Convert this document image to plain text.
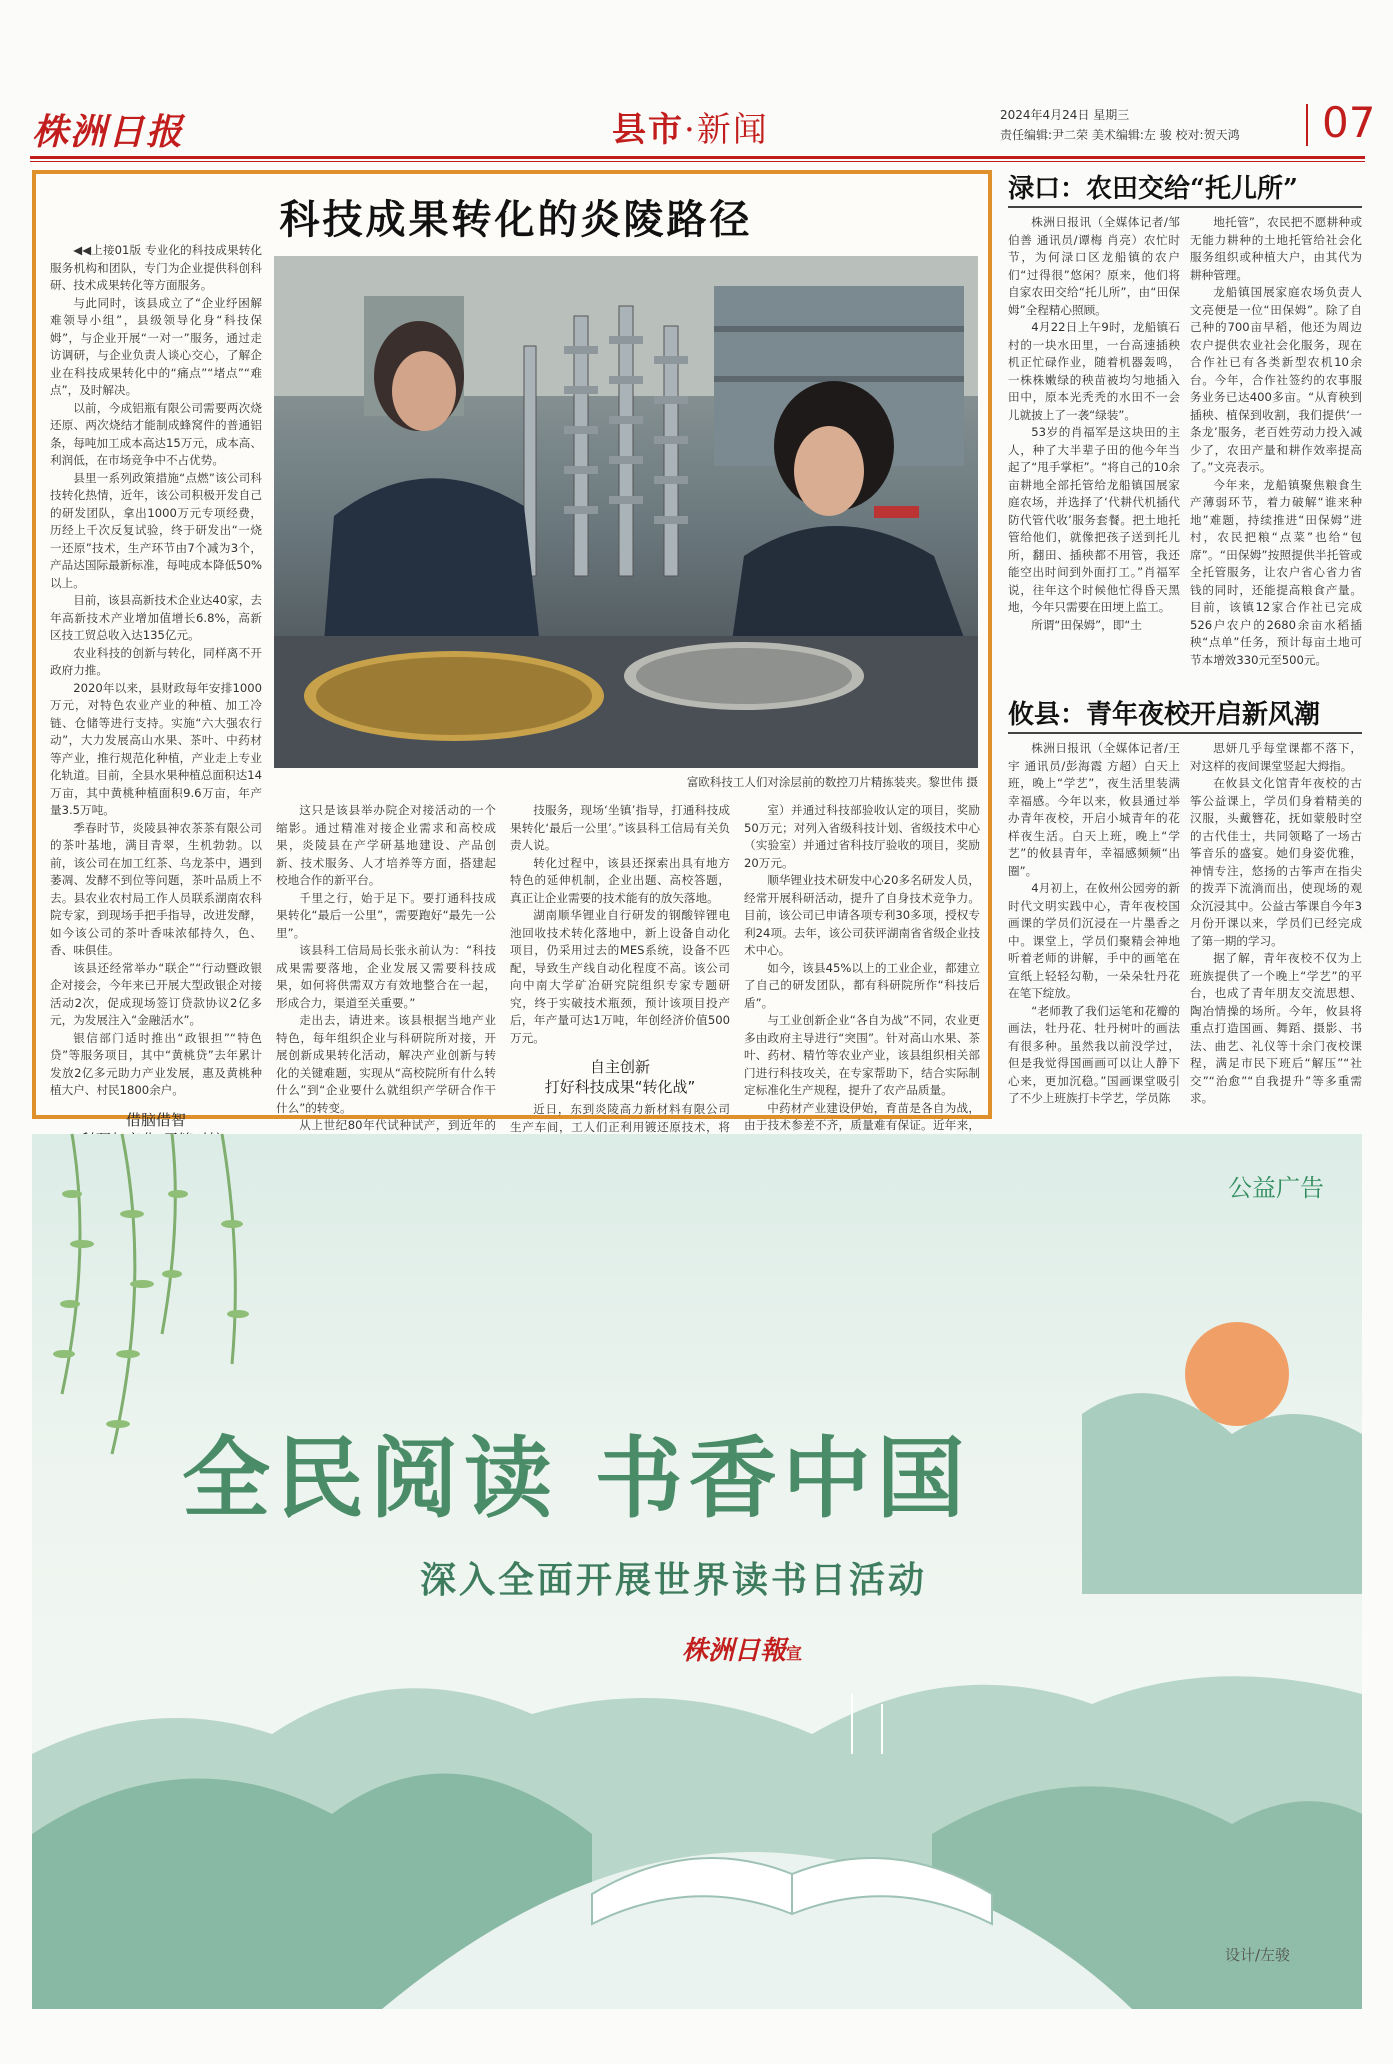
株洲日报	县市·新闻	2024年4月24日 星期三
责任编辑:尹二荣 美术编辑:左 骏 校对:贺天鸿 07
科技成果转化的炎陵路径

◀◀上接01版 专业化的科技成果转化服务机构和团队，专门为企业提供科创科研、技术成果转化等方面服务。

与此同时，该县成立了“企业纾困解难领导小组”，县级领导化身“科技保姆”，与企业开展“一对一”服务，通过走访调研，与企业负责人谈心交心，了解企业在科技成果转化中的“痛点”“堵点”“难点”，及时解决。

以前，今成铝瓶有限公司需要两次烧还原、两次烧结才能制成蜂窝件的普通铝条，每吨加工成本高达15万元，成本高、利润低，在市场竞争中不占优势。

县里一系列政策措施“点燃”该公司科技转化热情，近年，该公司积极开发自己的研发团队，拿出1000万元专项经费，历经上千次反复试验，终于研发出“一烧一还原”技术，生产环节由7个减为3个，产品达国际最新标准，每吨成本降低50%以上。

目前，该县高新技术企业达40家，去年高新技术产业增加值增长6.8%，高新区技工贸总收入达135亿元。

农业科技的创新与转化，同样离不开政府力推。

2020年以来，县财政每年安排1000万元，对特色农业产业的种植、加工冷链、仓储等进行支持。实施“六大强农行动”，大力发展高山水果、茶叶、中药材等产业，推行规范化种植，产业走上专业化轨道。目前，全县水果种植总面积达14万亩，其中黄桃种植面积9.6万亩，年产量3.5万吨。

季春时节，炎陵县神农茶茶有限公司的茶叶基地，满目青翠，生机勃勃。以前，该公司在加工红茶、乌龙茶中，遇到萎凋、发酵不到位等问题，茶叶品质上不去。县农业农村局工作人员联系湖南农科院专家，到现场手把手指导，改进发酵，如今该公司的茶叶香味浓郁持久，色、香、味俱佳。

该县还经常举办“联企”“行动暨政银企对接会，今年来已开展大型政银企对接活动2次，促成现场签订贷款协议2亿多元，为发展注入“金融活水”。

银信部门适时推出“政银担”“特色贷”等服务项目，其中“黄桃贷”去年累计发放2亿多元助力产业发展，惠及黄桃种植大户、村民1800余户。

借脑借智

富欧科技工人们对涂层前的数控刀片精拣装夹。黎世伟 摄

这只是该县举办院企对接活动的一个缩影。通过精准对接企业需求和高校成果，炎陵县在产学研基地建设、产品创新、技术服务、人才培养等方面，搭建起校地合作的新平台。

千里之行，始于足下。要打通科技成果转化“最后一公里”，需要跑好“最先一公里”。

该县科工信局局长张永前认为：“科技成果需要落地，企业发展又需要科技成果，如何将供需双方有效地整合在一起，形成合力，渠道至关重要。”

走出去，请进来。该县根据当地产业特色，每年组织企业与科研院所对接，开展创新成果转化活动，解决产业创新与转化的关键难题，实现从“高校院所有什么转什么”到“企业要什么就组织产学研合作干什么”的转变。

从上世纪80年代试种试产，到近年的

技服务，现场‘坐镇’指导，打通科技成果转化‘最后一公里’。”该县科工信局有关负责人说。

转化过程中，该县还探索出具有地方特色的延伸机制，企业出题、高校答题，真正让企业需要的技术能有的放矢落地。

湖南顺华锂业自行研发的钢酸锌锂电池回收技术转化落地中，新上设备自动化项目，仍采用过去的MES系统，设备不匹配，导致生产线自动化程度不高。该公司向中南大学矿冶研究院组织专家专题研究，终于实破技术瓶颈，预计该项目投产后，年产量可达1万吨，年创经济价值500万元。

自主创新
打好科技成果“转化战”

近日，东到炎陵高力新材料有限公司生产车间，工人们正利用镀还原技术，将

室）并通过科技部验收认定的项目，奖励50万元；对列入省级科技计划、省级技术中心（实验室）并通过省科技厅验收的项目，奖励20万元。

顺华锂业技术研发中心20多名研发人员，经常开展科研活动，提升了自身技术竞争力。目前，该公司已申请各项专利30多项，授权专利24项。去年，该公司获评湖南省省级企业技术中心。

如今，该县45%以上的工业企业，都建立了自己的研发团队，都有科研院所作“科技后盾”。

与工业创新企业“各自为战”不同，农业更多由政府主导进行“突围”。针对高山水果、茶叶、药材、精竹等农业产业，该县组织相关部门进行科技攻关，在专家帮助下，结合实际制定标准化生产规程，提升了农产品质量。

中药材产业建设伊始，育苗是各自为战，由于技术参差不齐，质量难有保证。近年来，

渌口：农田交给“托儿所”

株洲日报讯（全媒体记者/邹伯善 通讯员/谭梅 肖亮）农忙时节，为何渌口区龙船镇的农户们“过得很”悠闲？原来，他们将自家农田交给“托儿所”，由“田保姆”全程精心照顾。

4月22日上午9时，龙船镇石村的一块水田里，一台高速插秧机正忙碌作业，随着机器轰鸣，一株株嫩绿的秧苗被均匀地插入田中，原本光秃秃的水田不一会儿就披上了一袭“绿装”。

53岁的肖福军是这块田的主人，种了大半辈子田的他今年当起了“甩手掌柜”。“将自己的10余亩耕地全部托管给龙船镇国展家庭农场，并选择了‘代耕代机插代防代管代收’服务套餐。把土地托管给他们，就像把孩子送到托儿所，翻田、插秧都不用管，我还能空出时间到外面打工。”肖福军说，往年这个时候他忙得昏天黑地，今年只需要在田埂上监工。

所谓“田保姆”，即“土

地托管”，农民把不愿耕种或无能力耕种的土地托管给社会化服务组织或种植大户，由其代为耕种管理。

龙船镇国展家庭农场负责人文亮便是一位“田保姆”。除了自己种的700亩早稻，他还为周边农户提供农业社会化服务，现在合作社已有各类新型农机10余台。今年，合作社签约的农事服务业务已达400多亩。“从育秧到插秧、植保到收割，我们提供‘一条龙’服务，老百姓劳动力投入减少了，农田产量和耕作效率提高了。”文亮表示。

今年来，龙船镇聚焦粮食生产薄弱环节，着力破解“谁来种地”难题，持续推进“田保姆”进村，农民把粮“点菜”也给“包席”。“田保姆”按照提供半托管或全托管服务，让农户省心省力省钱的同时，还能提高粮食产量。目前，该镇12家合作社已完成526户农户的2680余亩水稻插秧“点单”任务，预计每亩土地可节本增效330元至500元。

攸县：青年夜校开启新风潮

株洲日报讯（全媒体记者/王宇 通讯员/彭海霞 方超）白天上班，晚上“学艺”，夜生活里装满幸福感。今年以来，攸县通过举办青年夜校，开启小城青年的花样夜生活。白天上班，晚上“学艺”的攸县青年，幸福感频频“出圈”。

4月初上，在攸州公园旁的新时代文明实践中心，青年夜校国画课的学员们沉浸在一片墨香之中。课堂上，学员们聚精会神地听着老师的讲解，手中的画笔在宣纸上轻轻勾勒，一朵朵牡丹花在笔下绽放。

“老师教了我们运笔和花瓣的画法，牡丹花、牡丹树叶的画法有很多种。虽然我以前没学过，但是我觉得国画画可以让人静下心来，更加沉稳。”国画课堂吸引了不少上班族打卡学艺，学员陈

思妍几乎每堂课都不落下，对这样的夜间课堂竖起大拇指。

在攸县文化馆青年夜校的古筝公益课上，学员们身着精美的汉服，头戴簪花，抚如蒙般时空的古代佳士，共同领略了一场古筝音乐的盛宴。她们身姿优雅，神情专注，悠扬的古筝声在指尖的拨弄下流淌而出，使现场的观众沉浸其中。公益古筝课自今年3月份开课以来，学员们已经完成了第一期的学习。

据了解，青年夜校不仅为上班族提供了一个晚上“学艺”的平台，也成了青年朋友交流思想、陶冶情操的场所。今年，攸县将重点打造国画、舞蹈、摄影、书法、曲艺、礼仪等十余门夜校课程，满足市民下班后“解压”“社交”“治愈”“自我提升”等多重需求。

公益广告
全民阅读 书香中国
深入全面开展世界读书日活动
株洲日報宣
设计/左骏
